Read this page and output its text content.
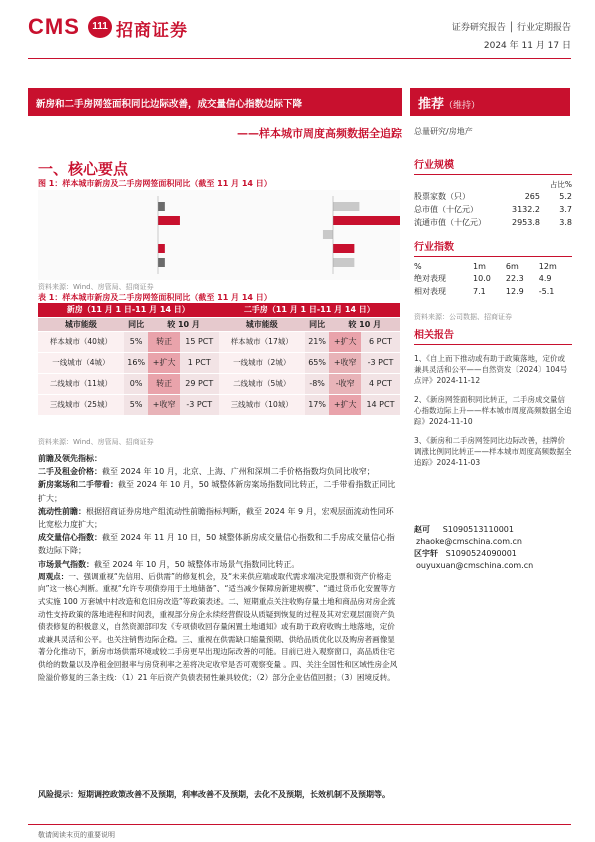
CMS	111 招商证券	证券研究报告 │ 行业定期报告
2024 年 11 月 17 日
新房和二手房网签面积同比边际改善，成交量信心指数边际下降
——样本城市周度高频数据全追踪
推荐（维持）
总量研究/房地产
行业规模
占比%
股票家数（只）	265	5.2
总市值（十亿元）	3132.2	3.7
流通市值（十亿元）	2953.8	3.8
行业指数
%	1m	6m	12m
绝对表现	10.0	22.3	4.9
相对表现	7.1	12.9	-5.1
资料来源：公司数据、招商证券
相关报告
1、《自上而下推动或有助于政策落地，定价或兼具灵活和公平——自然资发〔2024〕104号点评》2024-11-12
2、《新房网签面积同比转正，二手房成交量信心指数边际上升——样本城市周度高频数据全追踪》2024-11-10
3、《新房和二手房网签同比边际改善，挂牌价调涨比例同比转正——样本城市周度高频数据全追踪》2024-11-03
赵可 S1090513110001
zhaoke@cmschina.com.cn
区宇轩 S1090524090001
ouyuxuan@cmschina.com.cn
一、核心要点
图 1：样本城市新房及二手房网签面积同比（截至 11 月 14 日）
资料来源：Wind、房管局、招商证券
表 1：样本城市新房及二手房网签面积同比（截至 11 月 14 日）
新房（11 月 1 日-11 月 14 日）				二手房（11 月 1 日-11 月 14 日）			
城市能级	同比	较 10 月		城市能级	同比	较 10 月	
样本城市（40城）	5%	转正	15 PCT	样本城市（17城）	21%	+扩大	6 PCT
一线城市（4城）	16%	+扩大	1 PCT	一线城市（2城）	65%	+收窄	-3 PCT
二线城市（11城）	0%	转正	29 PCT	二线城市（5城）	-8%	-收窄	4 PCT
三线城市（25城）	5%	+收窄	-3 PCT	三线城市（10城）	17%	+扩大	14 PCT
资料来源：Wind、房管局、招商证券
前瞻及领先指标：
二手及租金价格：截至 2024 年 10 月，北京、上海、广州和深圳二手价格指数均负同比收窄；
新房案场和二手带看：截至 2024 年 10 月，50 城整体新房案场指数同比转正，二手带看指数正同比扩大；
流动性前瞻：根据招商证券房地产组流动性前瞻指标判断，截至 2024 年 9 月，宏观层面流动性同环比宽松力度扩大；
成交量信心指数：截至 2024 年 11 月 10 日，50 城整体新房成交量信心指数和二手房成交量信心指数边际下降；
市场景气指数：截至 2024 年 10 月，50 城整体市场景气指数同比转正。
周观点：一、强调重视“先信用、后供需”的修复机会，及“未来供应端或取代需求端决定股票和资产价格走向”这一核心判断。重视“允许专项债券用于土地储备”、“适当减少保障房新建规模”、“通过货币化安置等方式实施 100 万套城中村改造和危旧房改造”等政策表述。二、短期重点关注收购存量土地和商品房对房企流动性支持政策的落地进程和时间表，重视部分房企永续经营假设从质疑到恢复的过程及其对宏观层面资产负债表修复的积极意义，自然资源部印发《专项债收回存量闲置土地通知》或有助于政府收购土地落地，定价或兼具灵活和公平。也关注销售边际企稳。三、重视在供需缺口缩量预期、供给品质优化以及购房者画像显著分化推动下，新房市场供需环境或较二手房更早出现边际改善的可能。目前已进入观察窗口，高品质住宅供给的数量以及净租金回报率与房贷利率之差将决定收窄是否可观察变量 。四、关注全国性和区域性房企风险溢价修复的三条主线：（1）21 年后资产负债表韧性兼具较优；（2）部分企业估值回报；（3）困境反转。
风险提示：短期调控政策改善不及预期，利率改善不及预期，去化不及预期，长效机制不及预期等。
敬请阅读末页的重要说明
